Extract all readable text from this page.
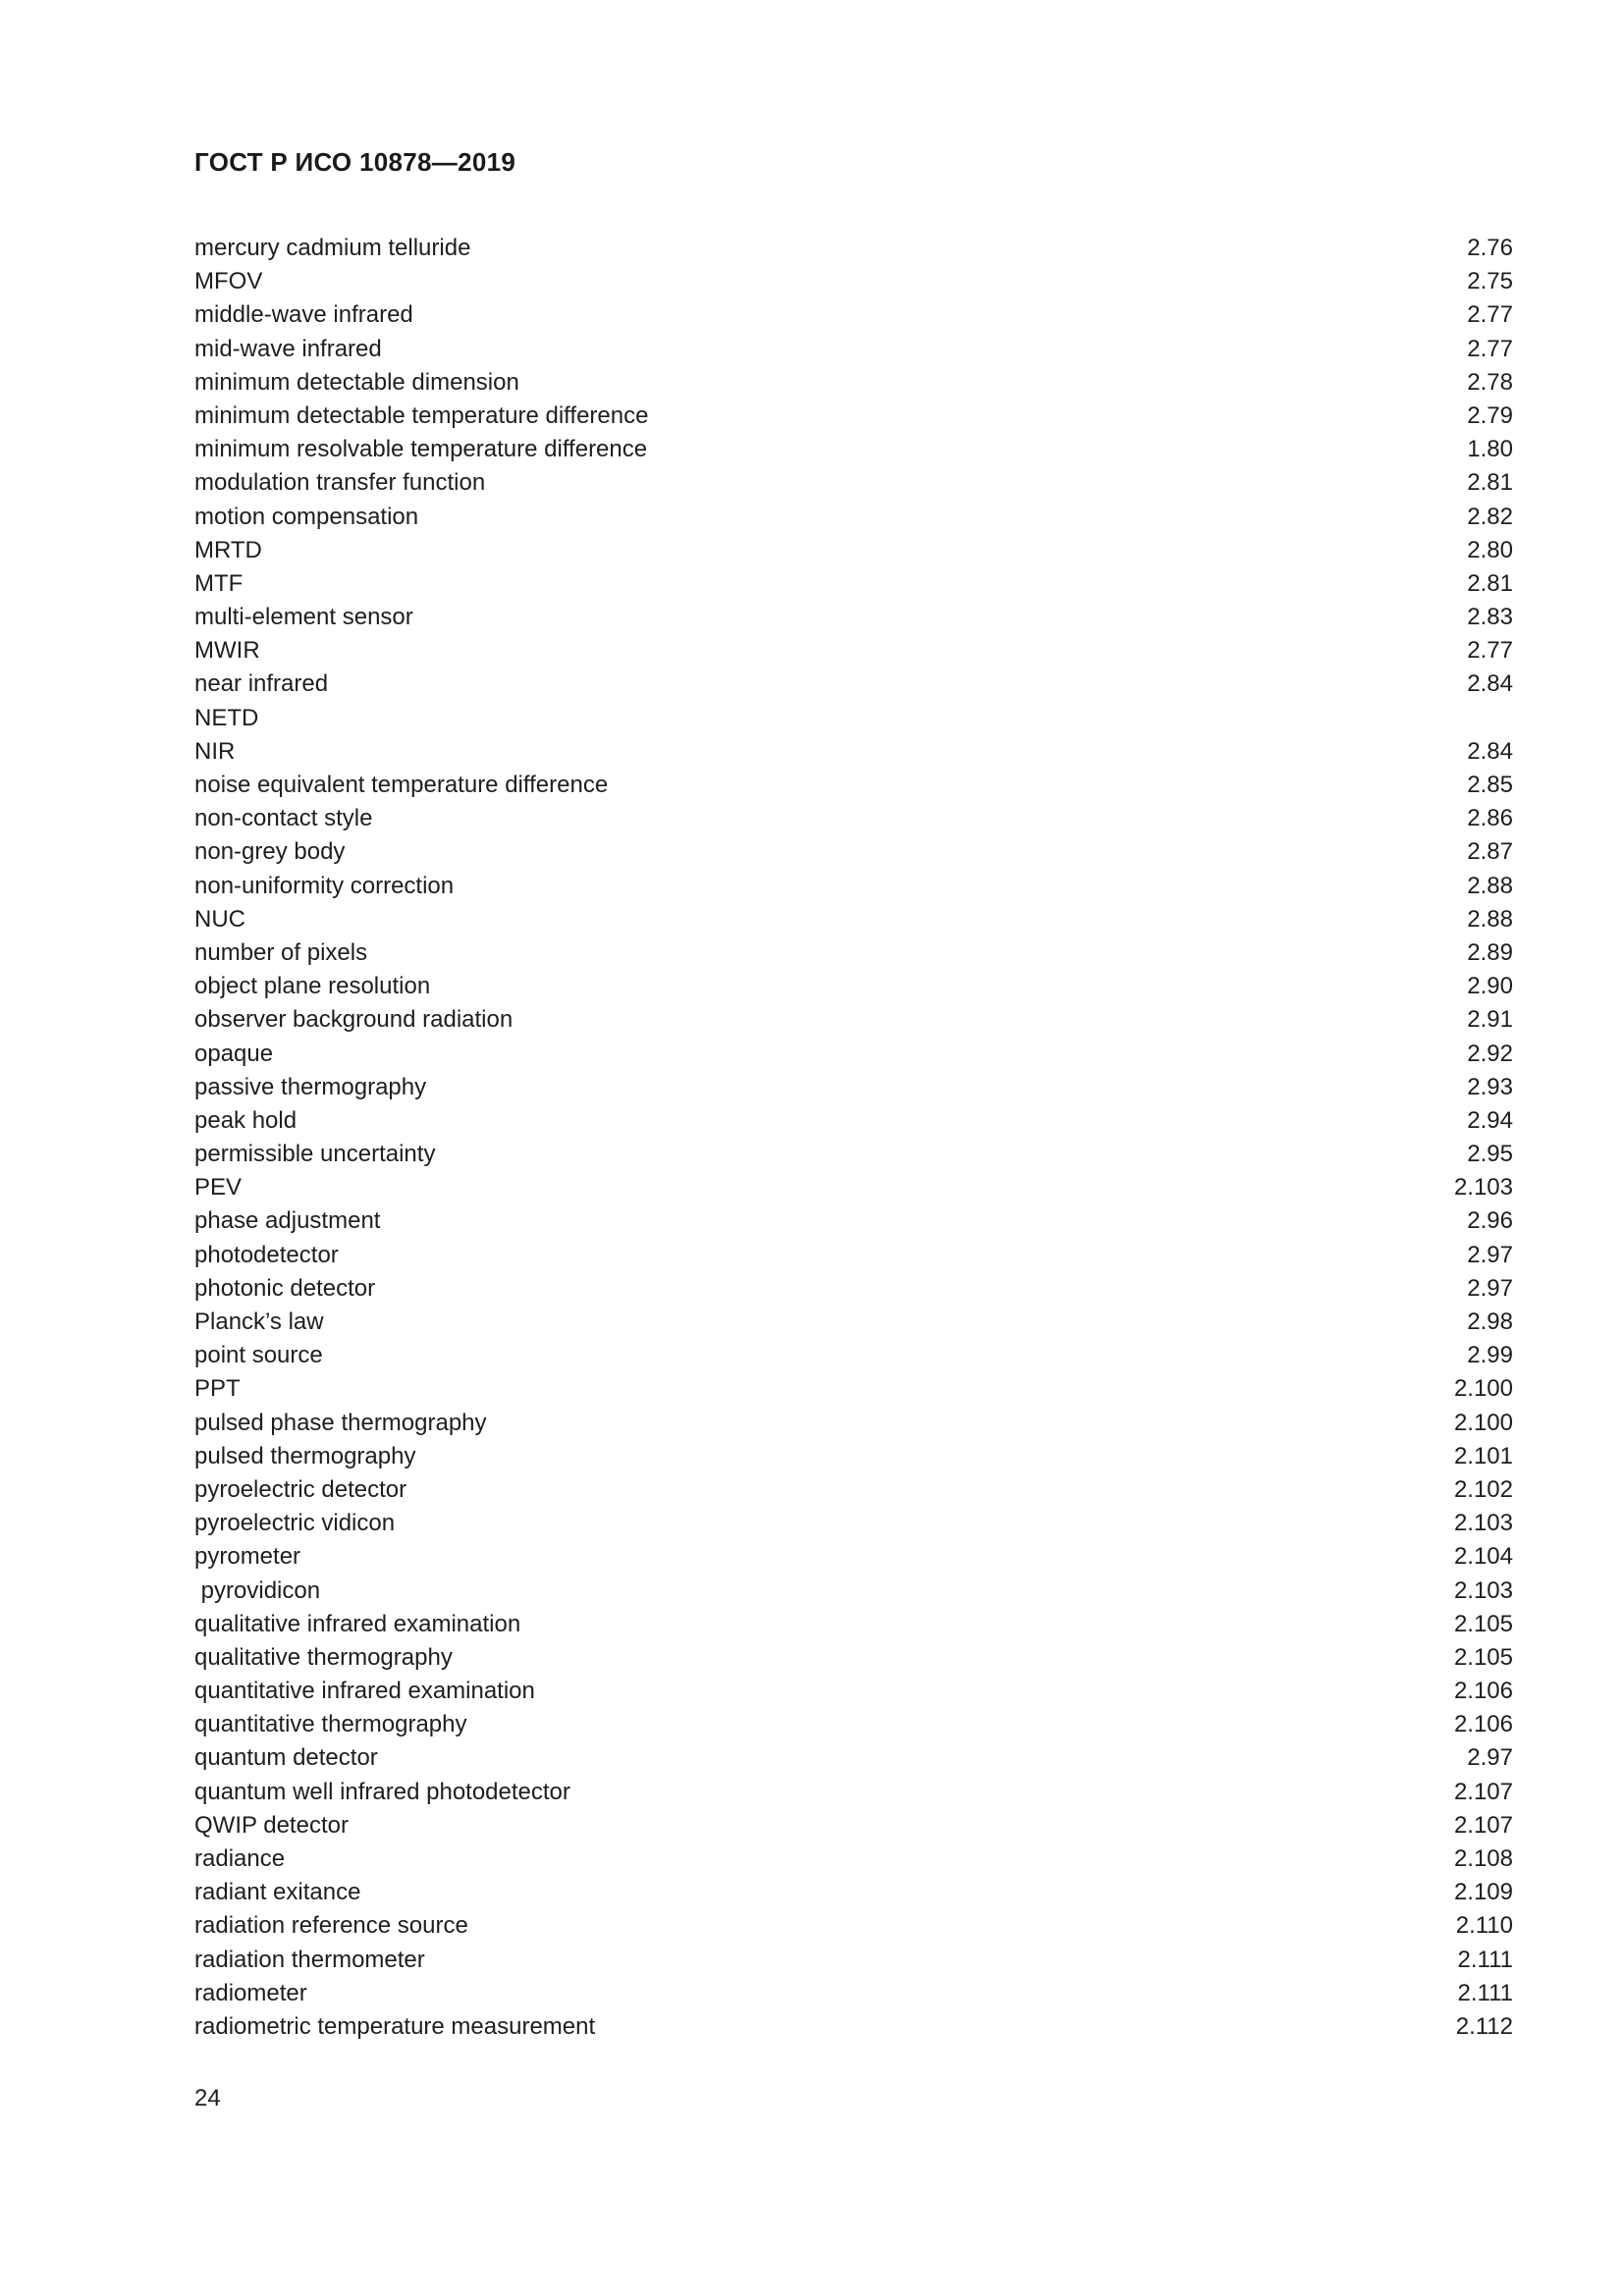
ГОСТ Р ИСО 10878—2019
mercury cadmium telluride	2.76
MFOV	2.75
middle-wave infrared	2.77
mid-wave infrared	2.77
minimum detectable dimension	2.78
minimum detectable temperature difference	2.79
minimum resolvable temperature difference	1.80
modulation transfer function	2.81
motion compensation	2.82
MRTD	2.80
MTF	2.81
multi-element sensor	2.83
MWIR	2.77
near infrared	2.84
NETD
NIR	2.84
noise equivalent temperature difference	2.85
non-contact style	2.86
non-grey body	2.87
non-uniformity correction	2.88
NUC	2.88
number of pixels	2.89
object plane resolution	2.90
observer background radiation	2.91
opaque	2.92
passive thermography	2.93
peak hold	2.94
permissible uncertainty	2.95
PEV	2.103
phase adjustment	2.96
photodetector	2.97
photonic detector	2.97
Planck’s law	2.98
point source	2.99
PPT	2.100
pulsed phase thermography	2.100
pulsed thermography	2.101
pyroelectric detector	2.102
pyroelectric vidicon	2.103
pyrometer	2.104
pyrovidicon	2.103
qualitative infrared examination	2.105
qualitative thermography	2.105
quantitative infrared examination	2.106
quantitative thermography	2.106
quantum detector	2.97
quantum well infrared photodetector	2.107
QWIP detector	2.107
radiance	2.108
radiant exitance	2.109
radiation reference source	2.110
radiation thermometer	2.111
radiometer	2.111
radiometric temperature measurement	2.112
24
